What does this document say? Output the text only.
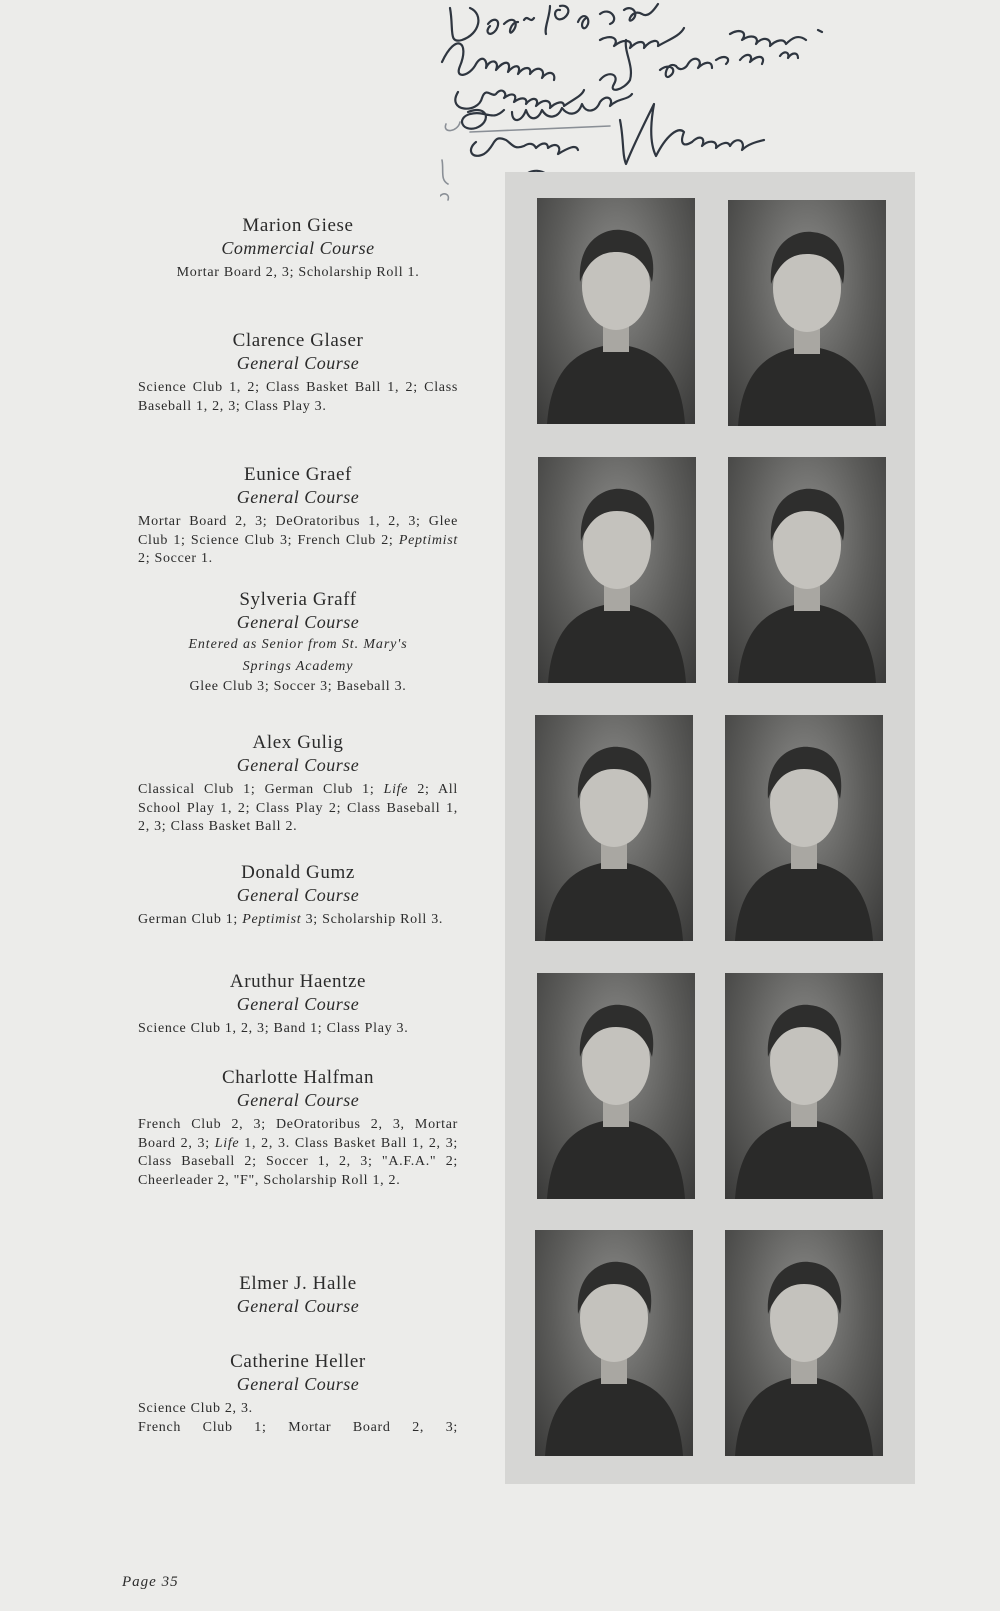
Marion Giese
Commercial Course
Mortar Board 2, 3; Scholarship Roll 1.
Clarence Glaser
General Course
Science Club 1, 2; Class Basket Ball 1, 2; Class Baseball 1, 2, 3; Class Play 3.
Eunice Graef
General Course
Mortar Board 2, 3; DeOratoribus 1, 2, 3; Glee Club 1; Science Club 3; French Club 2; Peptimist 2; Soccer 1.
Sylveria Graff
General Course
Entered as Senior from St. Mary's
Springs Academy
Glee Club 3; Soccer 3; Baseball 3.
Alex Gulig
General Course
Classical Club 1; German Club 1; Life 2; All School Play 1, 2; Class Play 2; Class Baseball 1, 2, 3; Class Basket Ball 2.
Donald Gumz
General Course
German Club 1; Peptimist 3; Scholarship Roll 3.
Aruthur Haentze
General Course
Science Club 1, 2, 3; Band 1; Class Play 3.
Charlotte Halfman
General Course
French Club 2, 3; DeOratoribus 2, 3, Mortar Board 2, 3; Life 1, 2, 3. Class Basket Ball 1, 2, 3; Class Baseball 2; Soccer 1, 2, 3; "A.F.A." 2; Cheerleader 2, "F", Scholarship Roll 1, 2.
Elmer J. Halle
General Course
Catherine Heller
General Course
Science Club 2, 3.
French Club 1; Mortar Board 2, 3;
Page 35
